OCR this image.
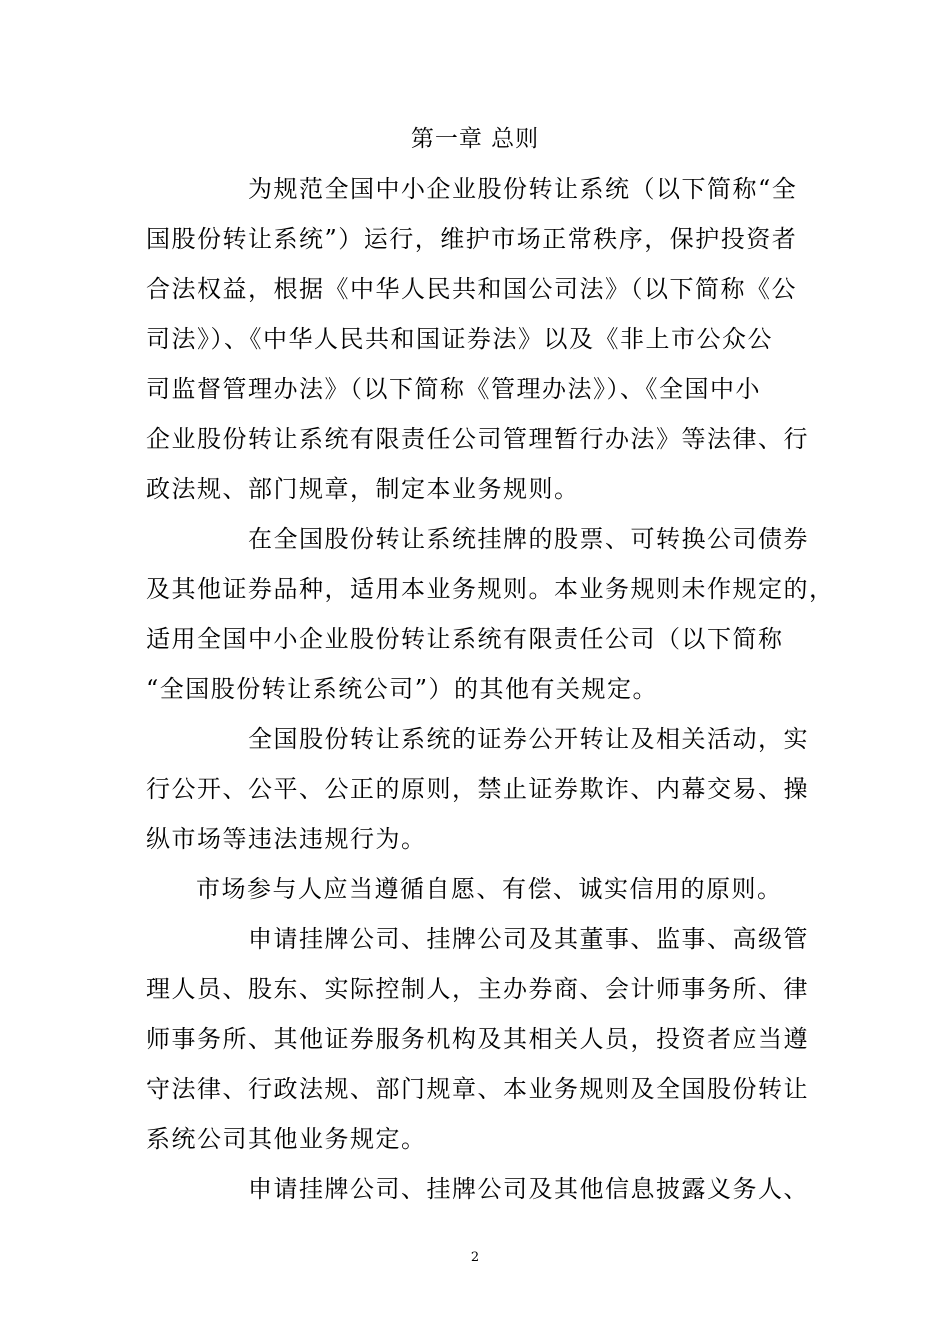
第一章 总则
为规范全国中小企业股份转让系统（以下简称“全
国股份转让系统”）运行，维护市场正常秩序，保护投资者
合法权益，根据《中华人民共和国公司法》（以下简称《公
司法》）、《中华人民共和国证券法》以及《非上市公众公
司监督管理办法》（以下简称《管理办法》）、《全国中小
企业股份转让系统有限责任公司管理暂行办法》等法律、行
政法规、部门规章，制定本业务规则。
在全国股份转让系统挂牌的股票、可转换公司债券
及其他证券品种，适用本业务规则。本业务规则未作规定的，
适用全国中小企业股份转让系统有限责任公司（以下简称
“全国股份转让系统公司”）的其他有关规定。
全国股份转让系统的证券公开转让及相关活动，实
行公开、公平、公正的原则，禁止证券欺诈、内幕交易、操
纵市场等违法违规行为。
市场参与人应当遵循自愿、有偿、诚实信用的原则。
申请挂牌公司、挂牌公司及其董事、监事、高级管
理人员、股东、实际控制人，主办券商、会计师事务所、律
师事务所、其他证券服务机构及其相关人员，投资者应当遵
守法律、行政法规、部门规章、本业务规则及全国股份转让
系统公司其他业务规定。
申请挂牌公司、挂牌公司及其他信息披露义务人、
2
